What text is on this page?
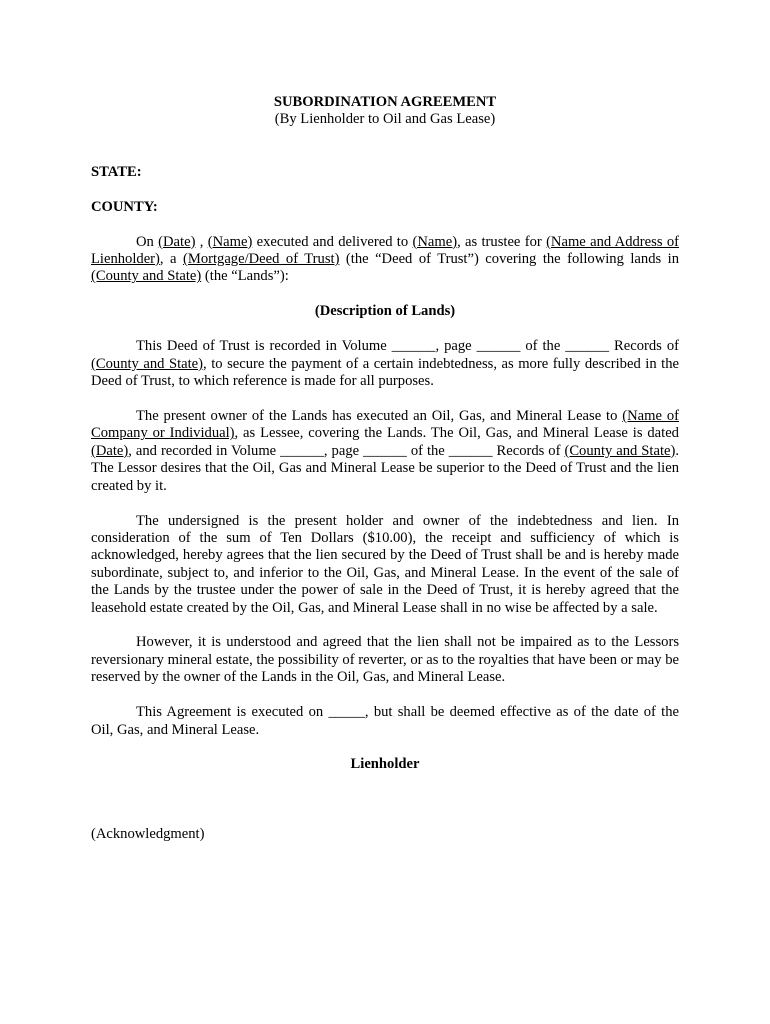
SUBORDINATION AGREEMENT
(By Lienholder to Oil and Gas Lease)
STATE:
COUNTY:

On (Date) , (Name) executed and delivered to (Name), as trustee for (Name and Address of Lienholder), a (Mortgage/Deed of Trust) (the “Deed of Trust”) covering the following lands in (County and State) (the “Lands”):

(Description of Lands)

This Deed of Trust is recorded in Volume ______, page ______ of the ______ Records of (County and State), to secure the payment of a certain indebtedness, as more fully described in the Deed of Trust, to which reference is made for all purposes.

The present owner of the Lands has executed an Oil, Gas, and Mineral Lease to (Name of Company or Individual), as Lessee, covering the Lands. The Oil, Gas, and Mineral Lease is dated (Date), and recorded in Volume ______, page ______ of the ______ Records of (County and State). The Lessor desires that the Oil, Gas and Mineral Lease be superior to the Deed of Trust and the lien created by it.

The undersigned is the present holder and owner of the indebtedness and lien. In consideration of the sum of Ten Dollars ($10.00), the receipt and sufficiency of which is acknowledged, hereby agrees that the lien secured by the Deed of Trust shall be and is hereby made subordinate, subject to, and inferior to the Oil, Gas, and Mineral Lease. In the event of the sale of the Lands by the trustee under the power of sale in the Deed of Trust, it is hereby agreed that the leasehold estate created by the Oil, Gas, and Mineral Lease shall in no wise be affected by a sale.

However, it is understood and agreed that the lien shall not be impaired as to the Lessors reversionary mineral estate, the possibility of reverter, or as to the royalties that have been or may be reserved by the owner of the Lands in the Oil, Gas, and Mineral Lease.

This Agreement is executed on _____, but shall be deemed effective as of the date of the Oil, Gas, and Mineral Lease.

Lienholder
(Acknowledgment)
